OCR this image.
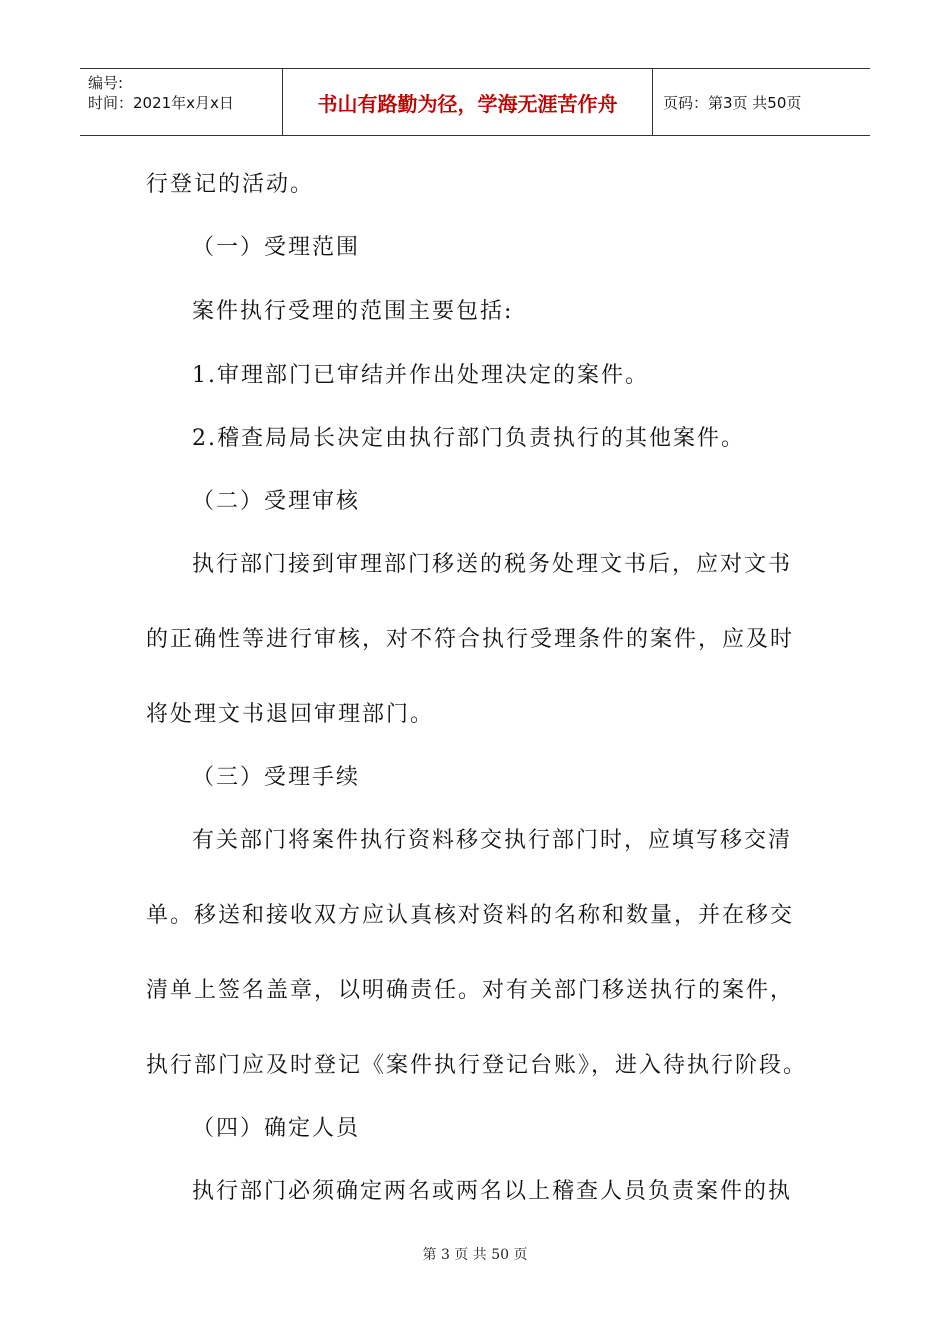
编号:
时间：2021年x月x日	书山有路勤为径，学海无涯苦作舟	页码：第3页 共50页
行登记的活动。
（一）受理范围
案件执行受理的范围主要包括:
1.审理部门已审结并作出处理决定的案件。
2.稽查局局长决定由执行部门负责执行的其他案件。
（二）受理审核
执行部门接到审理部门移送的税务处理文书后，应对文书
的正确性等进行审核，对不符合执行受理条件的案件，应及时
将处理文书退回审理部门。
（三）受理手续
有关部门将案件执行资料移交执行部门时，应填写移交清
单。移送和接收双方应认真核对资料的名称和数量，并在移交
清单上签名盖章，以明确责任。对有关部门移送执行的案件，
执行部门应及时登记《案件执行登记台账》，进入待执行阶段。
（四）确定人员
执行部门必须确定两名或两名以上稽查人员负责案件的执
第 3 页 共 50 页
